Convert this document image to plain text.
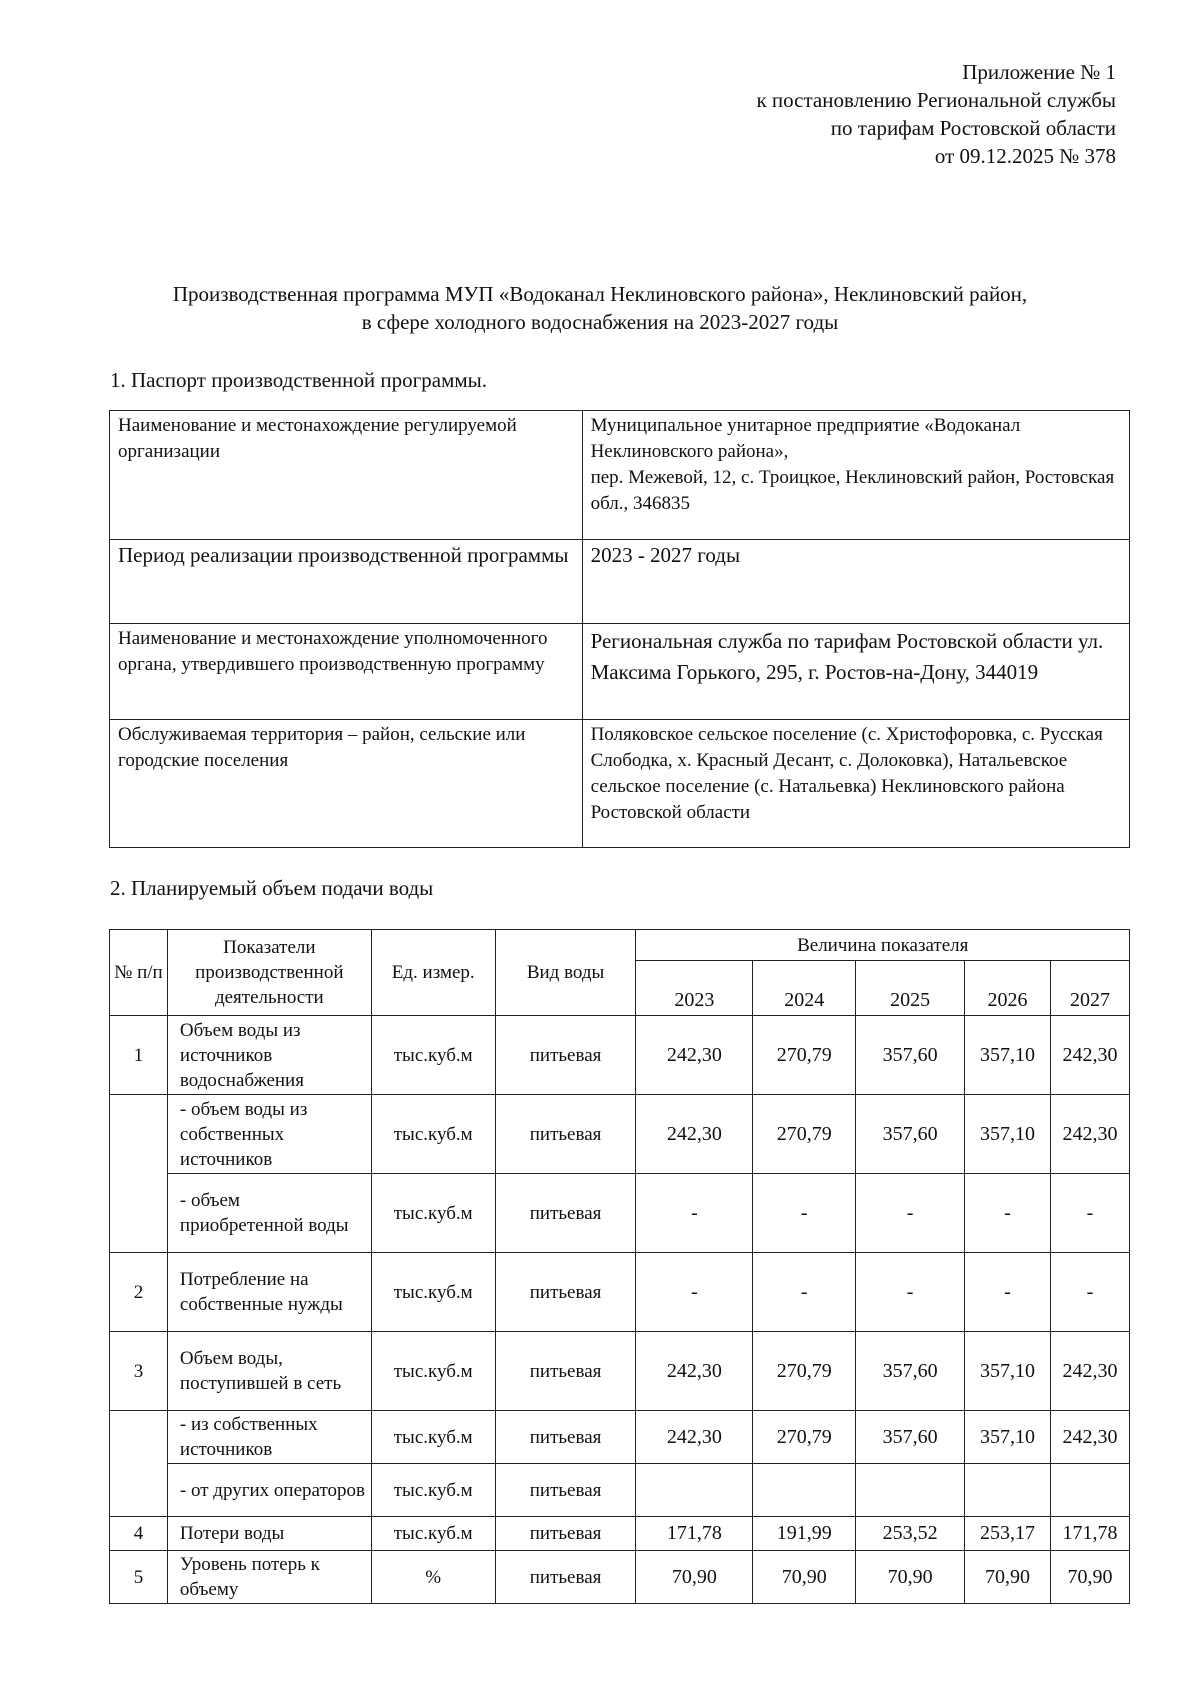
Приложение № 1
к постановлению Региональной службы
по тарифам Ростовской области
от 09.12.2025 № 378
Производственная программа МУП «Водоканал Неклиновского района», Неклиновский район,
в сфере холодного водоснабжения на 2023-2027 годы
1. Паспорт производственной программы.
Наименование и местонахождение регулируемой организации	Муниципальное унитарное предприятие «Водоканал Неклиновского района»,
пер. Межевой, 12, с. Троицкое, Неклиновский район, Ростовская обл., 346835

Период реализации производственной программы	2023 - 2027 годы
Наименование и местонахождение уполномоченного органа, утвердившего производственную программу	Региональная служба по тарифам Ростовской области ул. Максима Горького, 295, г. Ростов-на-Дону, 344019
Обслуживаемая территория – район, сельские или городские поселения	Поляковское сельское поселение (с. Христофоровка, с. Русская Слободка, х. Красный Десант, с. Долоковка), Натальевское сельское поселение (с. Натальевка) Неклиновского района Ростовской области
2. Планируемый объем подачи воды
№ п/п	Показатели производственной деятельности	Ед. измер.	Вид воды	Величина показателя				
				2023	2024	2025	2026	2027
1	Объем воды из источников водоснабжения	тыс.куб.м	питьевая	242,30	270,79	357,60	357,10	242,30
	- объем воды из собственных источников	тыс.куб.м	питьевая	242,30	270,79	357,60	357,10	242,30
	- объем приобретенной воды	тыс.куб.м	питьевая	-	-	-	-	-
2	Потребление на собственные нужды	тыс.куб.м	питьевая	-	-	-	-	-
3	Объем воды, поступившей в сеть	тыс.куб.м	питьевая	242,30	270,79	357,60	357,10	242,30
	- из собственных источников	тыс.куб.м	питьевая	242,30	270,79	357,60	357,10	242,30
	- от других операторов	тыс.куб.м	питьевая					
4	Потери воды	тыс.куб.м	питьевая	171,78	191,99	253,52	253,17	171,78
5	Уровень потерь к объему	%	питьевая	70,90	70,90	70,90	70,90	70,90
